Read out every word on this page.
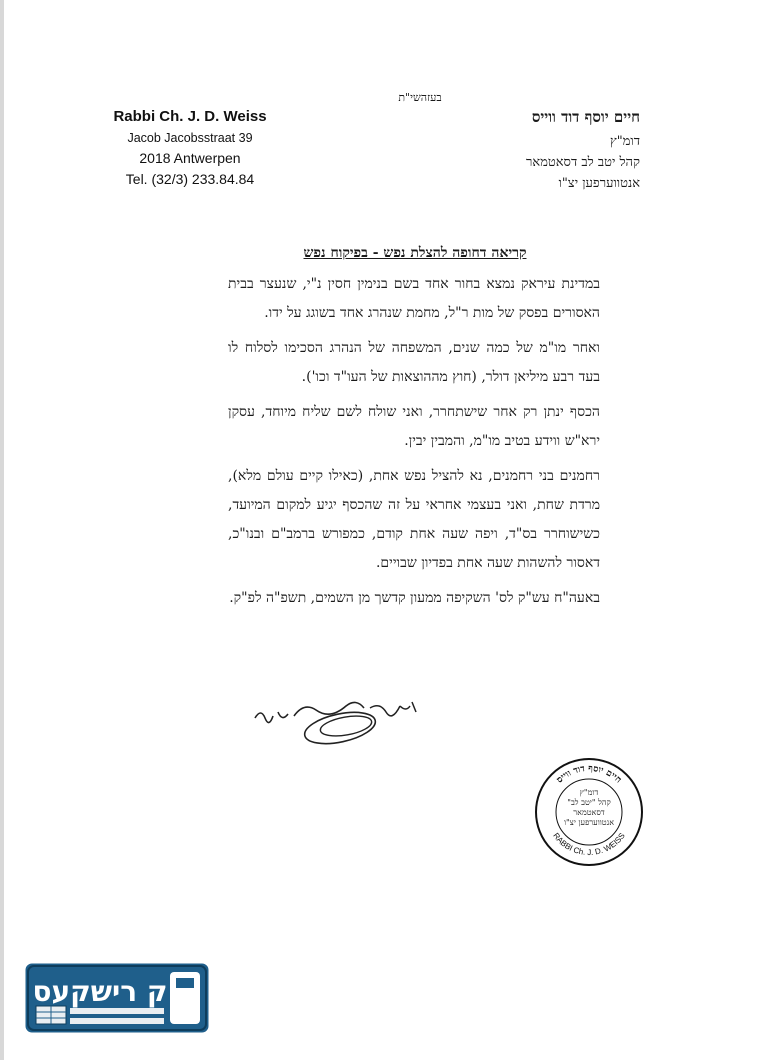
בעזהשי"ת
Rabbi Ch. J. D. Weiss
Jacob Jacobsstraat 39
2018 Antwerpen
Tel. (32/3) 233.84.84
חיים יוסף דוד ווייס
דומ"ץ
קהל יטב לב דסאטמאר
אנטווערפען יצ"ו
קריאה דחופה להצלת נפש - בפיקוח נפש

במדינת עיראק נמצא בחור אחד בשם בנימין חסין נ"י, שנעצר בבית האסורים בפסק של מות ר"ל, מחמת שנהרג אחד בשוגג על ידו.

ואחר מו"מ של כמה שנים, המשפחה של הנהרג הסכימו לסלוח לו בעד רבע מיליאן דולר, (חוץ מההוצאות של העו"ד וכו').

הכסף ינתן רק אחר שישתחרר, ואני שולח לשם שליח מיוחד, עסקן ירא"ש ווידע בטיב מו"מ, והמבין יבין.

רחמנים בני רחמנים, נא להציל נפש אחת, (כאילו קיים עולם מלא), מרדת שחת, ואני בעצמי אחראי על זה שהכסף יגיע למקום המיועד, כשישוחרר בס"ד, ויפה שעה אחת קודם, כמפורש ברמב"ם ובנו"כ, דאסור להשהות שעה אחת בפדיון שבויים.

באעה"ח עש"ק לס' השקיפה ממעון קדשך מן השמים, תשפ"ה לפ"ק.

חיים יוסף דוד ווייס
RABBI Ch. J. D. WEISS
דומ"ץ
קהל "יטב לב"
דסאטמאר
אנטווערפען יצ"ו
ק רישקעס
